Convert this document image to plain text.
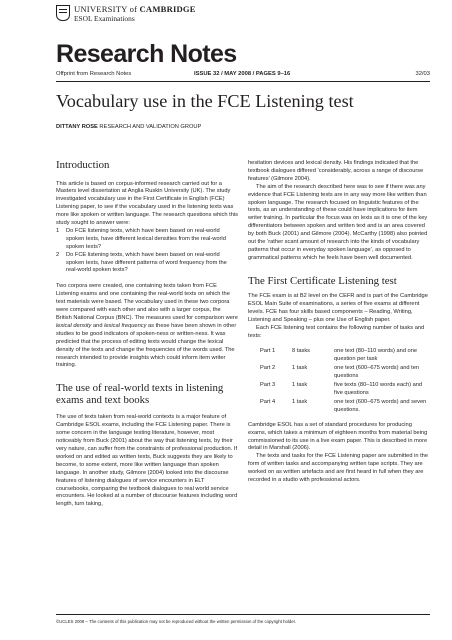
UNIVERSITY of CAMBRIDGE
ESOL Examinations
Research Notes
Offprint from Research Notes	ISSUE 32 / MAY 2008 / PAGES 9–16	32/03
Vocabulary use in the FCE Listening test
DITTANY ROSE RESEARCH AND VALIDATION GROUP
Introduction

This article is based on corpus-informed research carried out for a Masters level dissertation at Anglia Ruskin University (UK). The study investigated vocabulary use in the First Certificate in English (FCE) Listening paper, to see if the vocabulary used in the listening texts was more like spoken or written language. The research questions which this study sought to answer were:

1 Do FCE listening texts, which have been based on real-world spoken texts, have different lexical densities from the real-world spoken texts?
2 Do FCE listening texts, which have been based on real-world spoken texts, have different patterns of word frequency from the real-world spoken texts?

Two corpora were created, one containing texts taken from FCE Listening exams and one containing the real-world texts on which the test materials were based. The vocabulary used in these two corpora were compared with each other and also with a larger corpus, the British National Corpus (BNC). The measures used for comparison were lexical density and lexical frequency as these have been shown in other studies to be good indicators of spoken-ness or written-ness. It was predicted that the process of editing texts would change the lexical density of the texts and change the frequencies of the words used. The research intended to provide insights which could inform item writer training.

The use of real-world texts in listening exams and text books

The use of texts taken from real-world contexts is a major feature of Cambridge ESOL exams, including the FCE Listening paper. There is some concern in the language testing literature, however, most noticeably from Buck (2001) about the way that listening texts, by their very nature, can suffer from the constraints of professional production. If worked on and edited as written texts, Buck suggests they are likely to become, to some extent, more like written language than spoken language. In another study, Gilmore (2004) looked into the discourse features of listening dialogues of service encounters in ELT coursebooks, comparing the textbook dialogues to real world service encounters. He looked at a number of discourse features including word length, turn taking,

hesitation devices and lexical density. His findings indicated that the textbook dialogues differed ‘considerably, across a range of discourse features’ (Gilmore 2004).

The aim of the research described here was to see if there was any evidence that FCE Listening texts are in any way more like written than spoken language. The research focused on linguistic features of the texts, as an understanding of these could have implications for item writer training. In particular the focus was on lexis as it is one of the key differentiators between spoken and written text and is an area covered by both Buck (2001) and Gilmore (2004). McCarthy (1998) also pointed out the ‘rather scant amount of research into the kinds of vocabulary patterns that occur in everyday spoken language’, as opposed to grammatical patterns which he feels have been well documented.

The First Certificate Listening test

The FCE exam is at B2 level on the CEFR and is part of the Cambridge ESOL Main Suite of examinations, a series of five exams at different levels. FCE has four skills based components – Reading, Writing, Listening and Speaking – plus one Use of English paper.

Each FCE listening test contains the following number of tasks and texts:

Part 1	8 tasks	one text (80–110 words) and one question per task
Part 2	1 task	one text (600–675 words) and ten questions
Part 3	1 task	five texts (80–110 words each) and five questions
Part 4	1 task	one text (600–675 words) and seven questions.

Cambridge ESOL has a set of standard procedures for producing exams, which takes a minimum of eighteen months from material being commissioned to its use in a live exam paper. This is described in more detail in Marshall (2006).

The texts and tasks for the FCE Listening paper are submitted in the form of written tasks and accompanying written tape scripts. They are worked on as written artefacts and are first heard in full when they are recorded in a studio with professional actors.

©UCLES 2008 – The contents of this publication may not be reproduced without the written permission of the copyright holder.
